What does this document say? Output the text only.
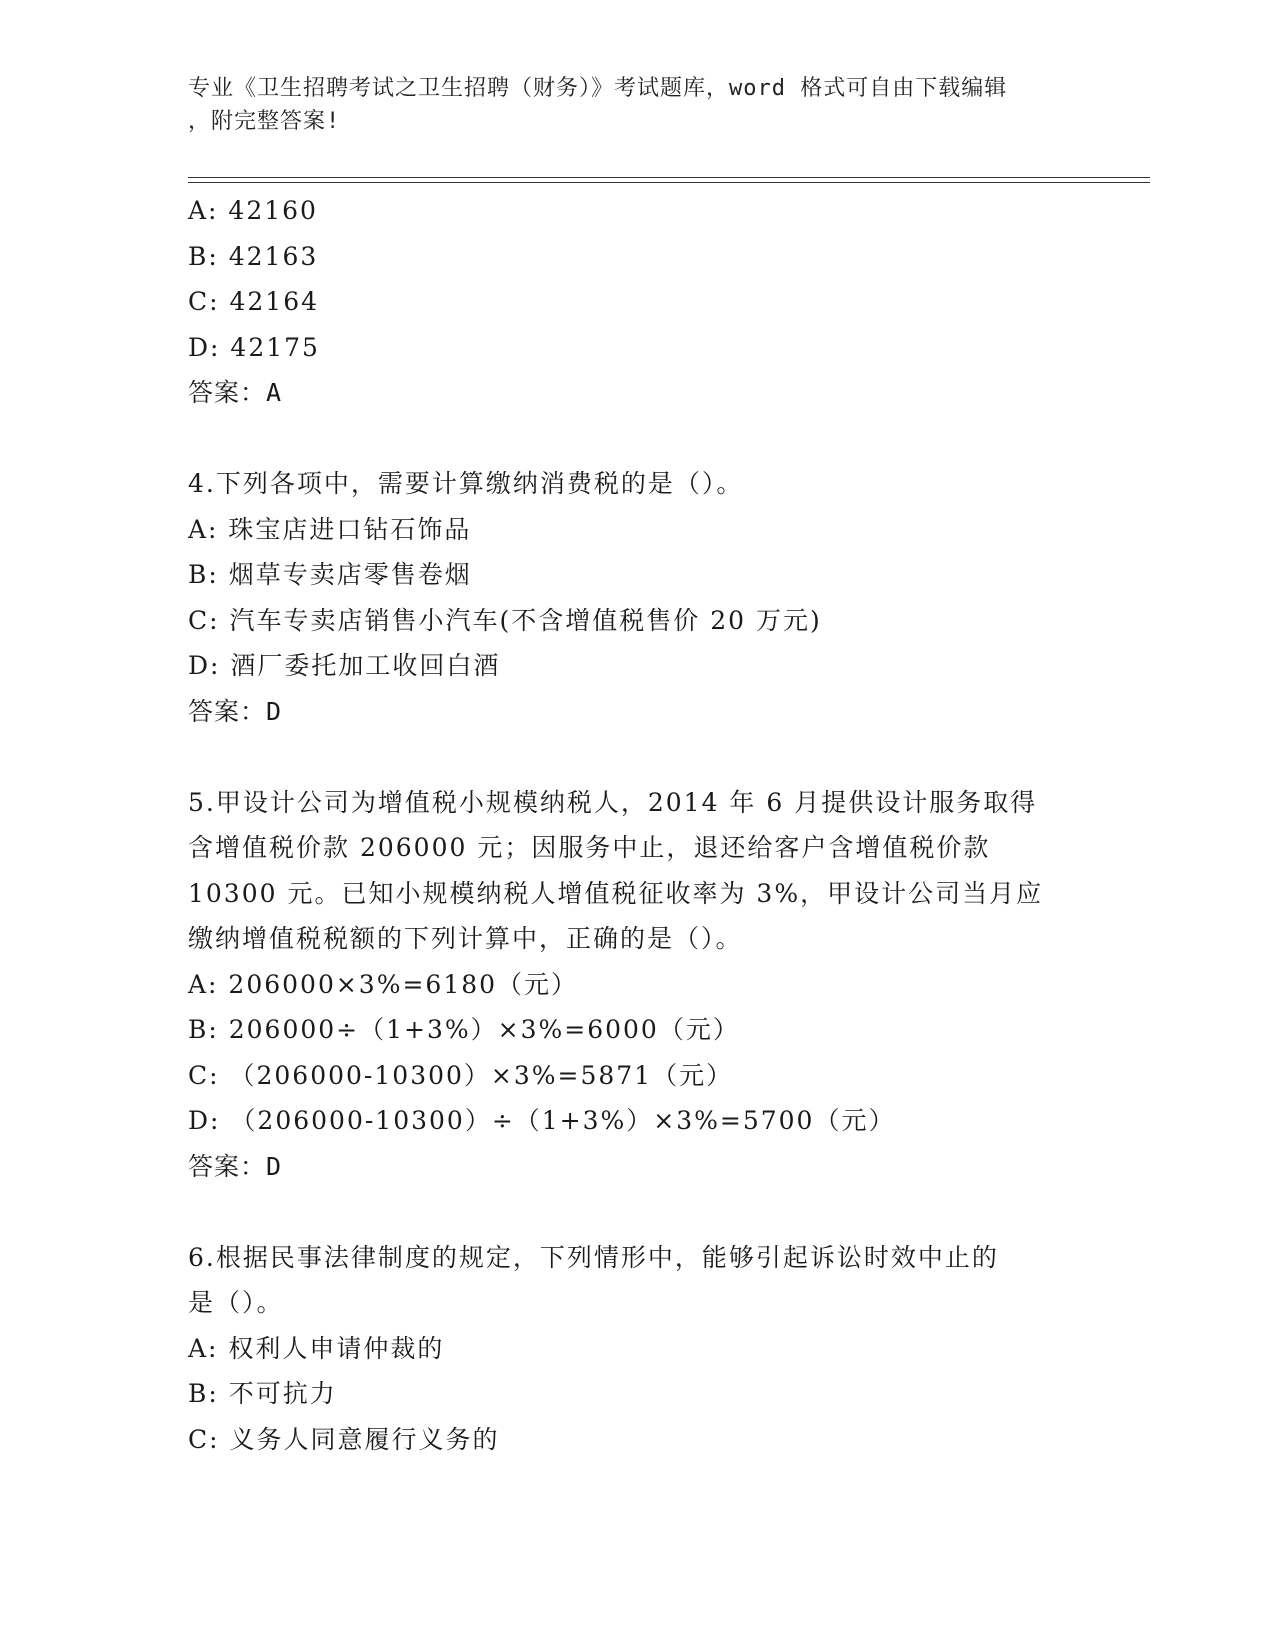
专业《卫生招聘考试之卫生招聘（财务）》考试题库，word 格式可自由下载编辑
，附完整答案!
A: 42160
B: 42163
C: 42164
D: 42175
答案：A
4.下列各项中，需要计算缴纳消费税的是（）。
A: 珠宝店进口钻石饰品
B: 烟草专卖店零售卷烟
C: 汽车专卖店销售小汽车(不含增值税售价 20 万元)
D: 酒厂委托加工收回白酒
答案：D
5.甲设计公司为增值税小规模纳税人，2014 年 6 月提供设计服务取得
含增值税价款 206000 元；因服务中止，退还给客户含增值税价款
10300 元。已知小规模纳税人增值税征收率为 3%，甲设计公司当月应
缴纳增值税税额的下列计算中，正确的是（）。
A: 206000×3%=6180（元）
B: 206000÷（1+3%）×3%=6000（元）
C: （206000-10300）×3%=5871（元）
D: （206000-10300）÷（1+3%）×3%=5700（元）
答案：D
6.根据民事法律制度的规定，下列情形中，能够引起诉讼时效中止的
是（）。
A: 权利人申请仲裁的
B: 不可抗力
C: 义务人同意履行义务的
